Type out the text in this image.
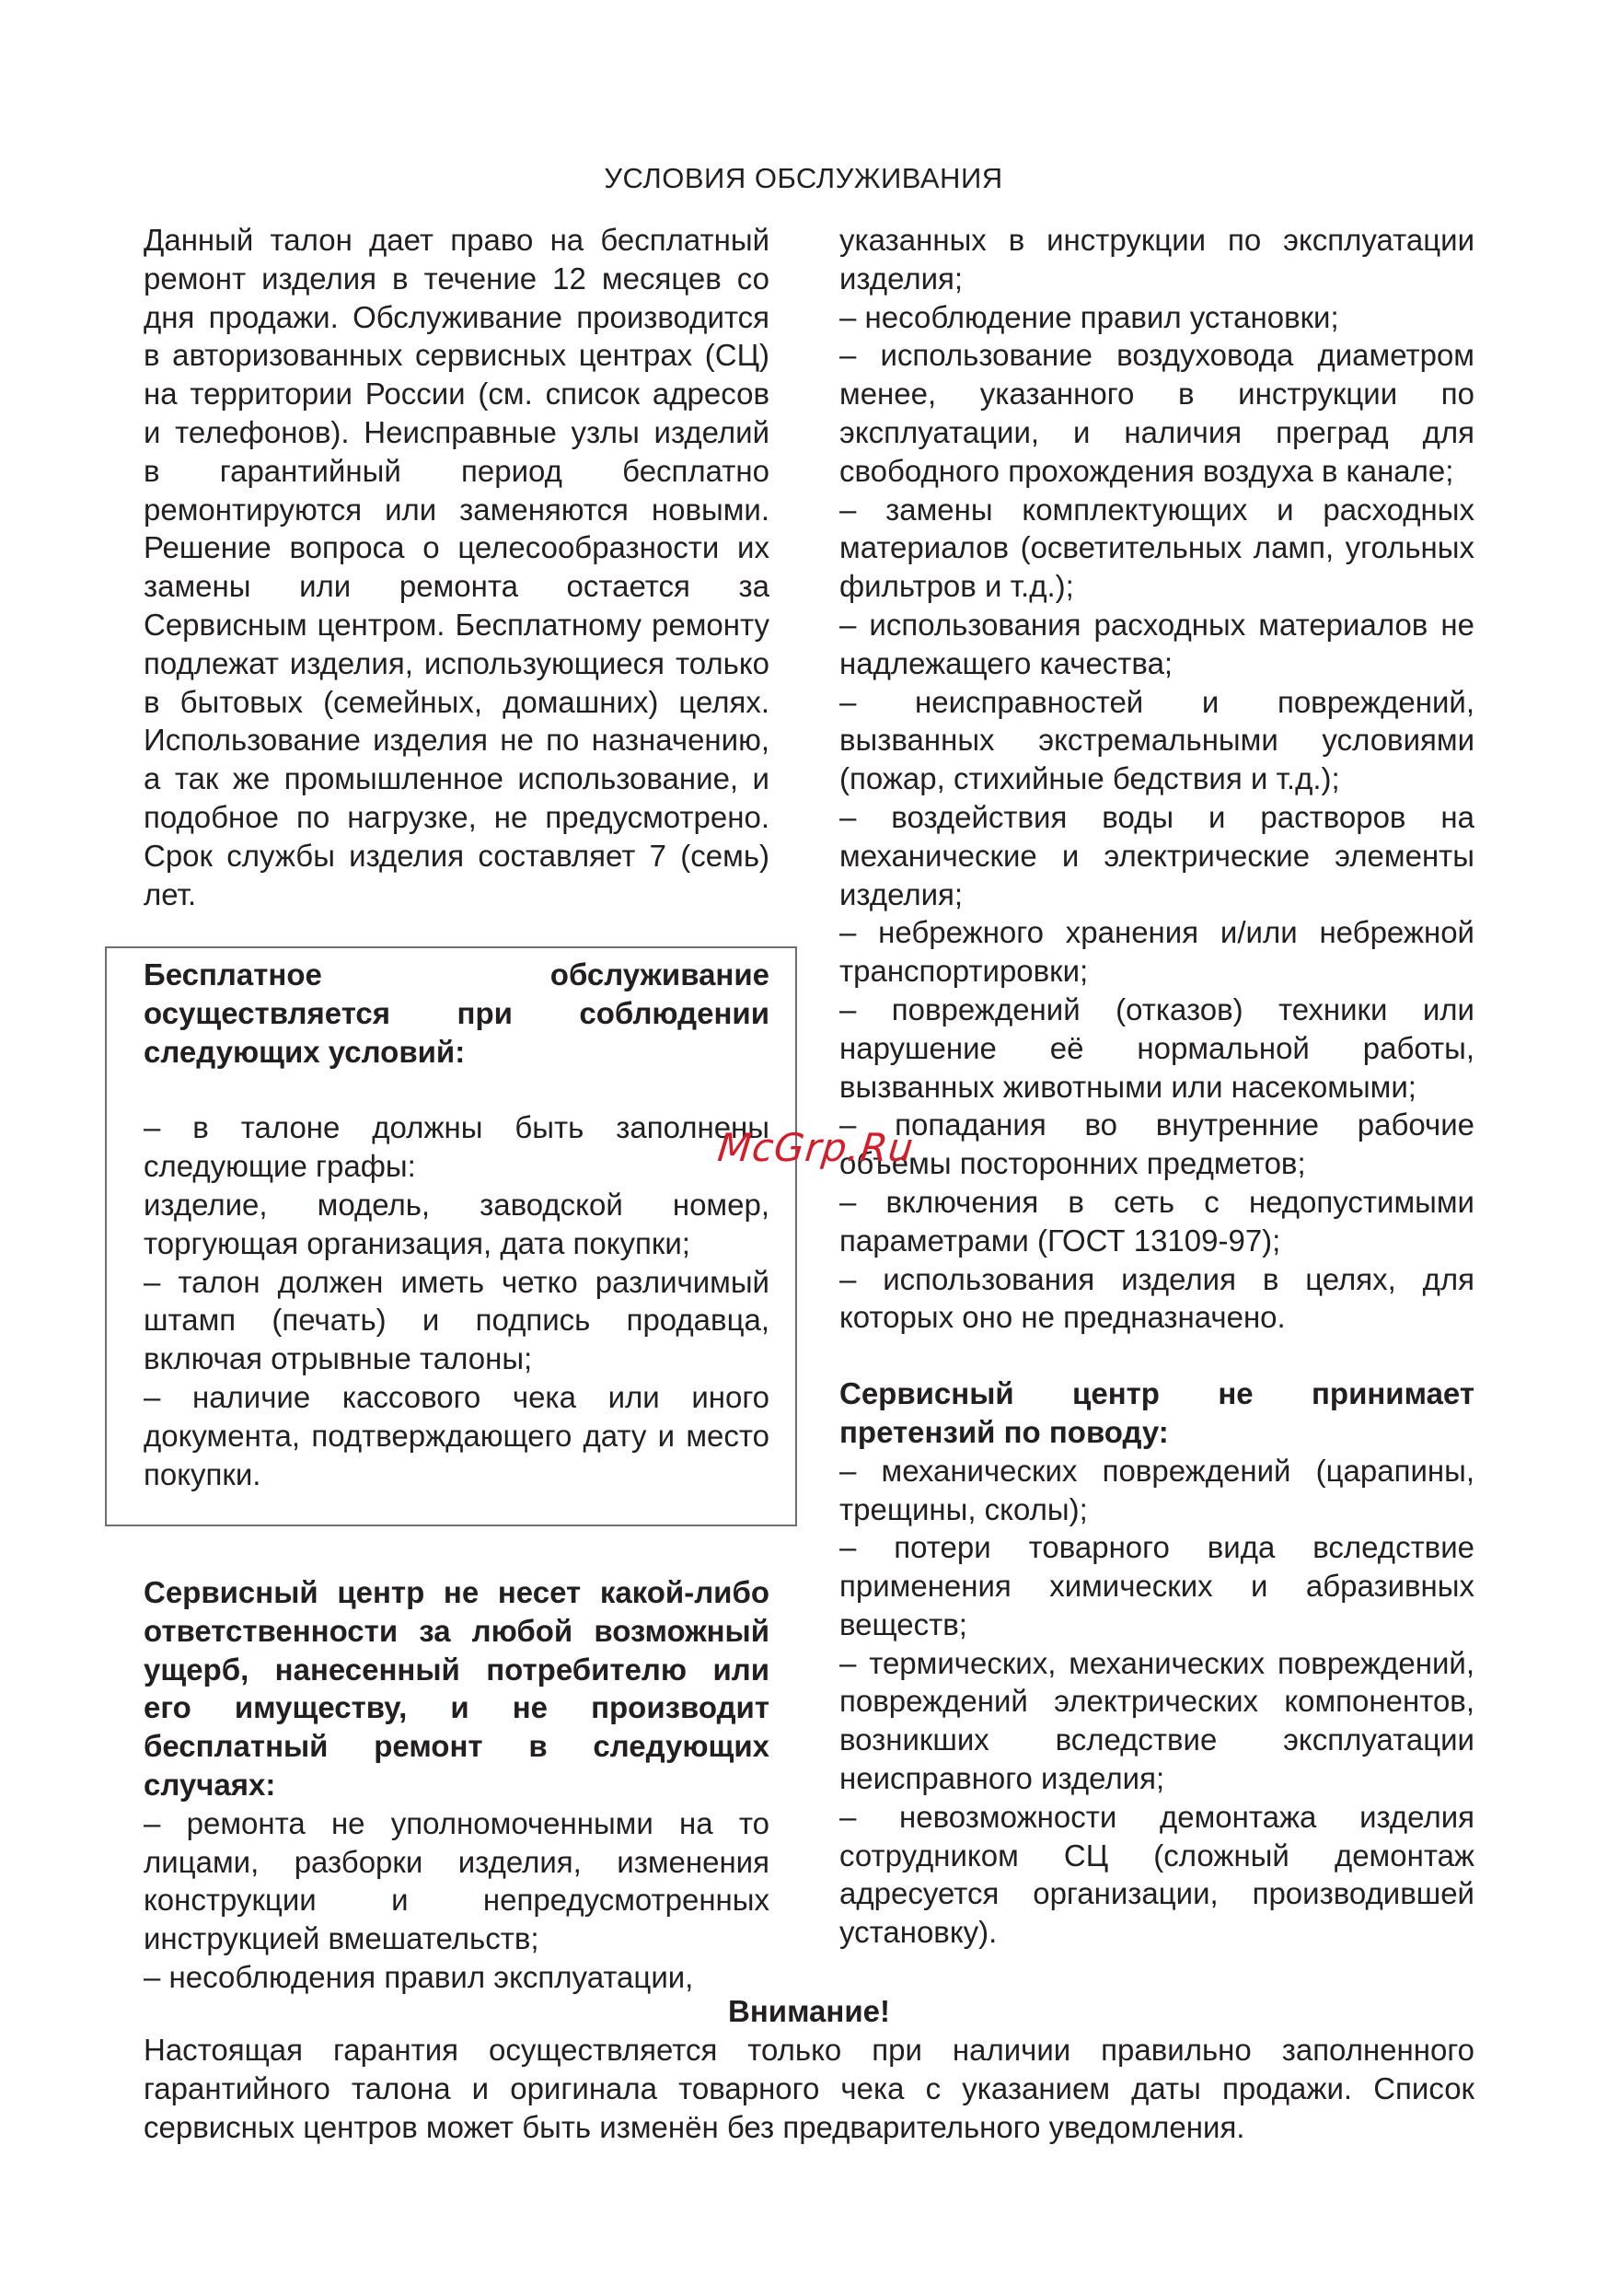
УСЛОВИЯ ОБСЛУЖИВАНИЯ

Данный талон дает право на бесплатный ремонт изделия в течение 12 месяцев со дня продажи. Обслуживание производится в авторизованных сервисных центрах (СЦ) на территории России (см. список адресов и телефонов). Неисправные узлы изделий в гарантийный период бесплатно ремонтируются или заменяются новыми. Решение вопроса о целесообразности их замены или ремонта остается за Сервисным центром. Бесплатному ремонту подлежат изделия, использующиеся только в бытовых (семейных, домашних) целях. Использование изделия не по назначению, а так же промышленное использование, и подобное по нагрузке, не предусмотрено. Срок службы изделия составляет 7 (семь) лет.

Бесплатное обслуживание осуществляется при соблюдении следующих условий:

– в талоне должны быть заполнены следующие графы:

изделие, модель, заводской номер, торгующая организация, дата покупки;

– талон должен иметь четко различимый штамп (печать) и подпись продавца, включая отрывные талоны;

– наличие кассового чека или иного документа, подтверждающего дату и место покупки.

Сервисный центр не несет какой-либо ответственности за любой возможный ущерб, нанесенный потребителю или его имуществу, и не производит бесплатный ремонт в следующих случаях:

– ремонта не уполномоченными на то лицами, разборки изделия, изменения конструкции и непредусмотренных инструкцией вмешательств;

– несоблюдения правил эксплуатации,

указанных в инструкции по эксплуатации изделия;

– несоблюдение правил установки;

– использование воздуховода диаметром менее, указанного в инструкции по эксплуатации, и наличия преград для свободного прохождения воздуха в канале;

– замены комплектующих и расходных материалов (осветительных ламп, угольных фильтров и т.д.);

– использования расходных материалов не надлежащего качества;

– неисправностей и повреждений, вызванных экстремальными условиями (пожар, стихийные бедствия и т.д.);

– воздействия воды и растворов на механические и электрические элементы изделия;

– небрежного хранения и/или небрежной транспортировки;

– повреждений (отказов) техники или нарушение её нормальной работы, вызванных животными или насекомыми;

– попадания во внутренние рабочие объемы посторонних предметов;

– включения в сеть с недопустимыми параметрами (ГОСТ 13109-97);

– использования изделия в целях, для которых оно не предназначено.

Сервисный центр не принимает претензий по поводу:

– механических повреждений (царапины, трещины, сколы);

– потери товарного вида вследствие применения химических и абразивных веществ;

– термических, механических повреждений, повреждений электрических компонентов, возникших вследствие эксплуатации неисправного изделия;

– невозможности демонтажа изделия сотрудником СЦ (сложный демонтаж адресуется организации, производившей установку).

Внимание!

Настоящая гарантия осуществляется только при наличии правильно заполненного гарантийного талона и оригинала товарного чека с указанием даты продажи. Список сервисных центров может быть изменён без предварительного уведомления.

McGrp.Ru
